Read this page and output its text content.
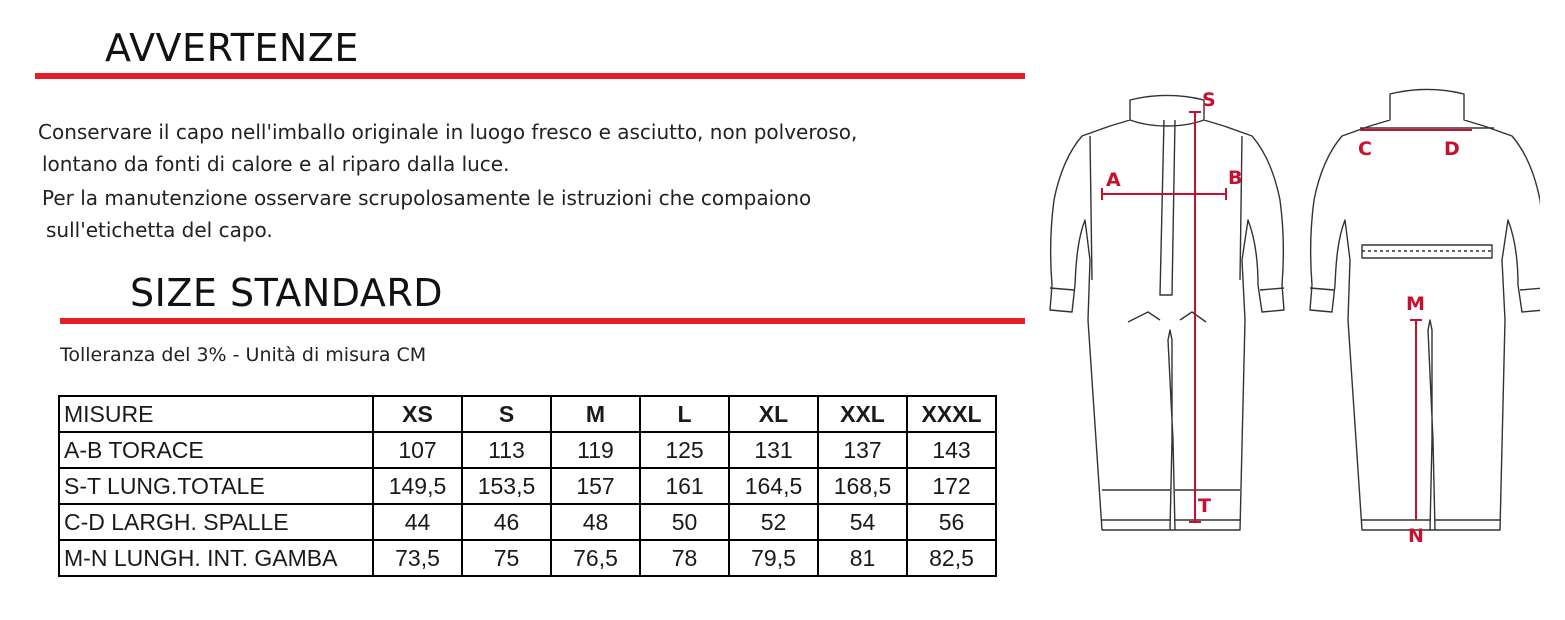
AVVERTENZE
Conservare il capo nell'imballo originale in luogo fresco e asciutto, non polveroso,
lontano da fonti di calore e al riparo dalla luce.
Per la manutenzione osservare scrupolosamente le istruzioni che compaiono
sull'etichetta del capo.
SIZE STANDARD
Tolleranza del 3% - Unità di misura CM
MISURE	XS	S	M	L	XL	XXL	XXXL
A-B TORACE	107	113	119	125	131	137	143
S-T LUNG.TOTALE	149,5	153,5	157	161	164,5	168,5	172
C-D LARGH. SPALLE	44	46	48	50	52	54	56
M-N LUNGH. INT. GAMBA	73,5	75	76,5	78	79,5	81	82,5
S
T
A	B
C	D
M
N
